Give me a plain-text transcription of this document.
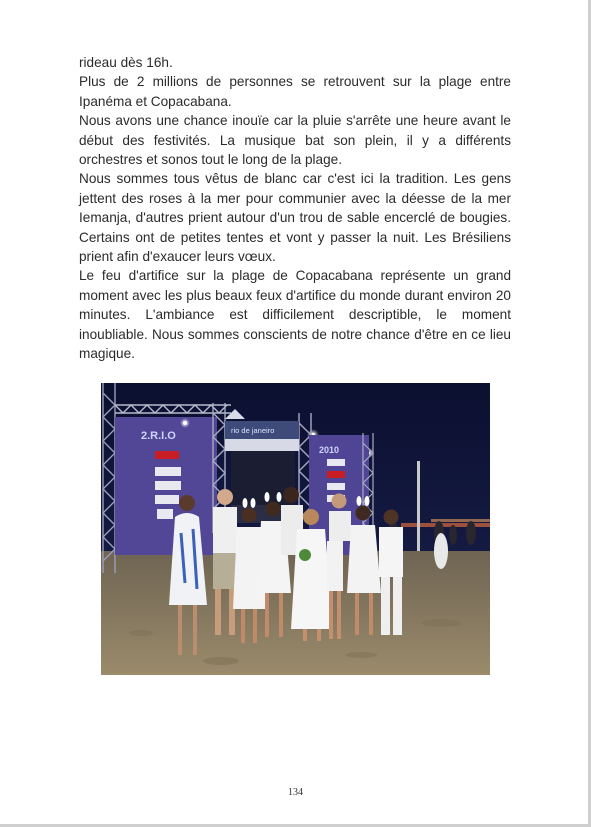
rideau dès 16h.

Plus de 2 millions de personnes se retrouvent sur la plage entre Ipanéma et Copacabana.

Nous avons une chance inouïe car la pluie s'arrête une heure avant le début des festivités. La musique bat son plein, il y a différents orchestres et sonos tout le long de la plage.

Nous sommes tous vêtus de blanc car c'est ici la tradition. Les gens jettent des roses à la mer pour communier avec la déesse de la mer Iemanja, d'autres prient autour d'un trou de sable encerclé de bougies. Certains ont de petites tentes et vont y passer la nuit. Les Brésiliens prient afin d'exaucer leurs vœux.

Le feu d'artifice sur la plage de Copacabana représente un grand moment avec les plus beaux feux d'artifice du monde durant environ 20 minutes. L'ambiance est difficilement descriptible, le moment inoubliable. Nous sommes conscients de notre chance d'être en ce lieu magique.

2.R.I.O	rio de janeiro
2010
134
